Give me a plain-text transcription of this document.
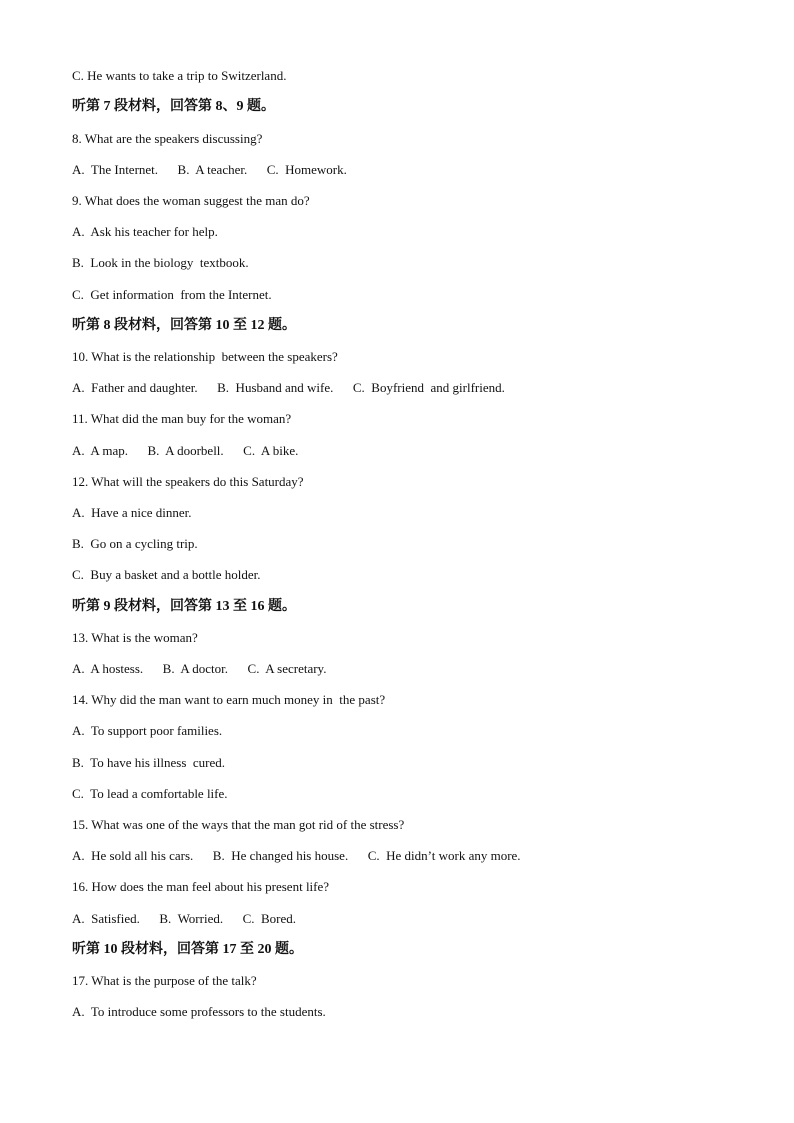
C. He wants to take a trip to Switzerland.
听第 7 段材料，回答第 8、9 题。
8. What are the speakers discussing?
A.  The Internet.      B.  A teacher.      C.  Homework.
9. What does the woman suggest the man do?
A.  Ask his teacher for help.
B.  Look in the biology  textbook.
C.  Get information  from the Internet.
听第 8 段材料，回答第 10 至 12 题。
10. What is the relationship  between the speakers?
A.  Father and daughter.      B.  Husband and wife.      C.  Boyfriend  and girlfriend.
11. What did the man buy for the woman?
A.  A map.      B.  A doorbell.      C.  A bike.
12. What will the speakers do this Saturday?
A.  Have a nice dinner.
B.  Go on a cycling trip.
C.  Buy a basket and a bottle holder.
听第 9 段材料，回答第 13 至 16 题。
13. What is the woman?
A.  A hostess.      B.  A doctor.      C.  A secretary.
14. Why did the man want to earn much money in  the past?
A.  To support poor families.
B.  To have his illness  cured.
C.  To lead a comfortable life.
15. What was one of the ways that the man got rid of the stress?
A.  He sold all his cars.      B.  He changed his house.      C.  He didn’t work any more.
16. How does the man feel about his present life?
A.  Satisfied.      B.  Worried.      C.  Bored.
听第 10 段材料，回答第 17 至 20 题。
17. What is the purpose of the talk?
A.  To introduce some professors to the students.
